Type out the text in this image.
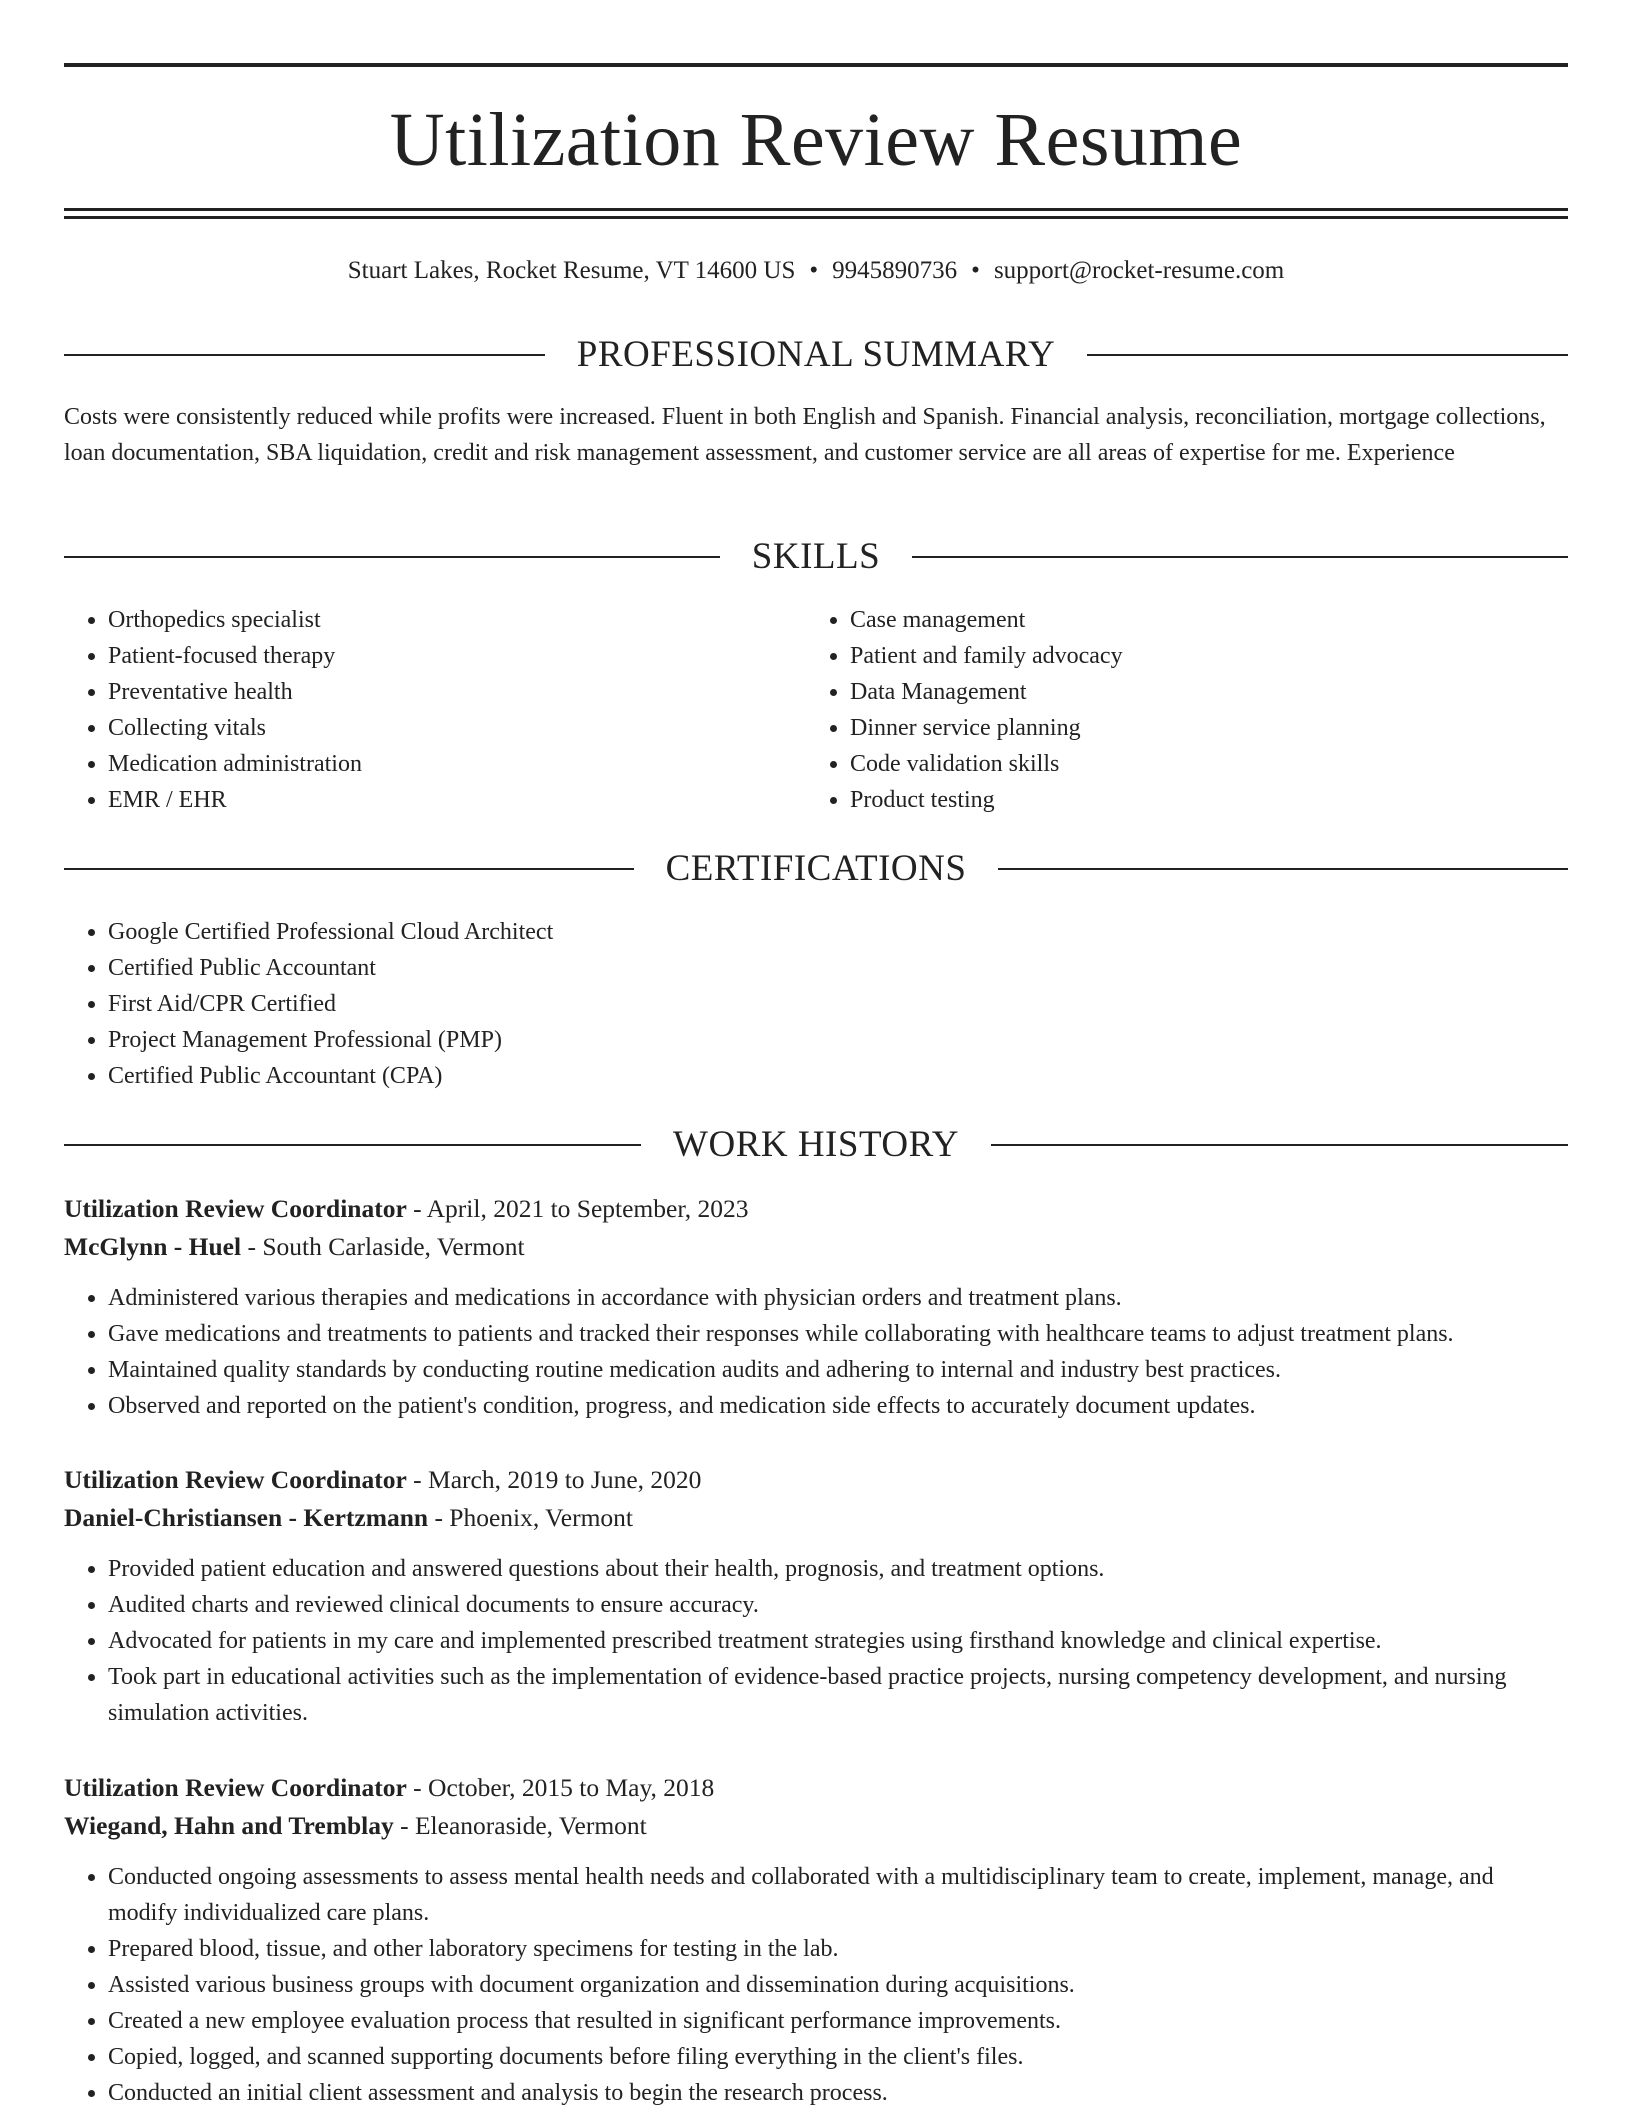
Utilization Review Resume
Stuart Lakes, Rocket Resume, VT 14600 US • 9945890736 • support@rocket-resume.com
PROFESSIONAL SUMMARY

Costs were consistently reduced while profits were increased. Fluent in both English and Spanish. Financial analysis, reconciliation, mortgage collections, loan documentation, SBA liquidation, credit and risk management assessment, and customer service are all areas of expertise for me. Experience

SKILLS
• Orthopedics specialist
• Patient-focused therapy
• Preventative health
• Collecting vitals
• Medication administration
• EMR / EHR
• Case management
• Patient and family advocacy
• Data Management
• Dinner service planning
• Code validation skills
• Product testing
CERTIFICATIONS
• Google Certified Professional Cloud Architect
• Certified Public Accountant
• First Aid/CPR Certified
• Project Management Professional (PMP)
• Certified Public Accountant (CPA)
WORK HISTORY
Utilization Review Coordinator - April, 2021 to September, 2023
McGlynn - Huel - South Carlaside, Vermont
• Administered various therapies and medications in accordance with physician orders and treatment plans.
• Gave medications and treatments to patients and tracked their responses while collaborating with healthcare teams to adjust treatment plans.
• Maintained quality standards by conducting routine medication audits and adhering to internal and industry best practices.
• Observed and reported on the patient's condition, progress, and medication side effects to accurately document updates.
Utilization Review Coordinator - March, 2019 to June, 2020
Daniel-Christiansen - Kertzmann - Phoenix, Vermont
• Provided patient education and answered questions about their health, prognosis, and treatment options.
• Audited charts and reviewed clinical documents to ensure accuracy.
• Advocated for patients in my care and implemented prescribed treatment strategies using firsthand knowledge and clinical expertise.
• Took part in educational activities such as the implementation of evidence-based practice projects, nursing competency development, and nursing simulation activities.
Utilization Review Coordinator - October, 2015 to May, 2018
Wiegand, Hahn and Tremblay - Eleanoraside, Vermont
• Conducted ongoing assessments to assess mental health needs and collaborated with a multidisciplinary team to create, implement, manage, and modify individualized care plans.
• Prepared blood, tissue, and other laboratory specimens for testing in the lab.
• Assisted various business groups with document organization and dissemination during acquisitions.
• Created a new employee evaluation process that resulted in significant performance improvements.
• Copied, logged, and scanned supporting documents before filing everything in the client's files.
• Conducted an initial client assessment and analysis to begin the research process.
